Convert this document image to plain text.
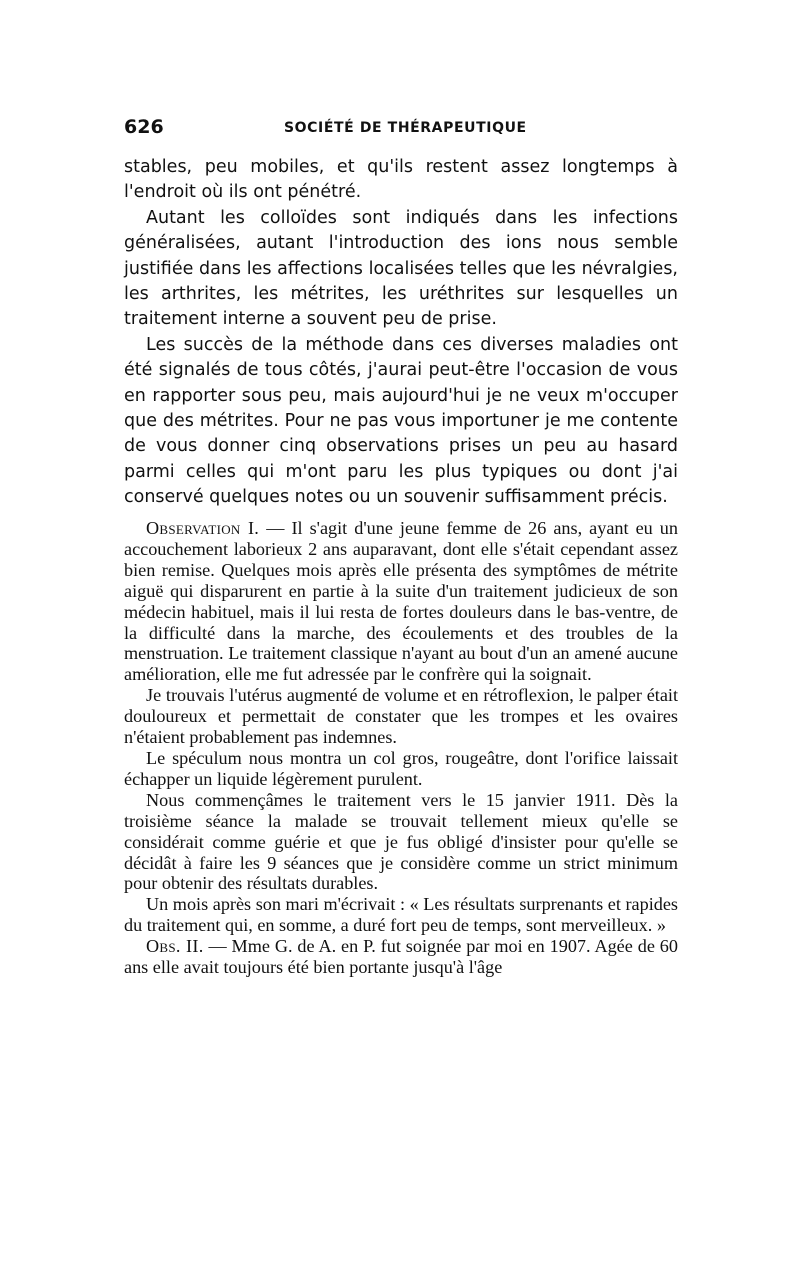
626	SOCIÉTÉ DE THÉRAPEUTIQUE

stables, peu mobiles, et qu'ils restent assez longtemps à l'endroit où ils ont pénétré.

Autant les colloïdes sont indiqués dans les infections généralisées, autant l'introduction des ions nous semble justifiée dans les affections localisées telles que les névralgies, les arthrites, les métrites, les uréthrites sur lesquelles un traitement interne a souvent peu de prise.

Les succès de la méthode dans ces diverses maladies ont été signalés de tous côtés, j'aurai peut-être l'occasion de vous en rapporter sous peu, mais aujourd'hui je ne veux m'occuper que des métrites. Pour ne pas vous importuner je me contente de vous donner cinq observations prises un peu au hasard parmi celles qui m'ont paru les plus typiques ou dont j'ai conservé quelques notes ou un souvenir suffisamment précis.

Observation I. — Il s'agit d'une jeune femme de 26 ans, ayant eu un accouchement laborieux 2 ans auparavant, dont elle s'était cependant assez bien remise. Quelques mois après elle présenta des symptômes de métrite aiguë qui disparurent en partie à la suite d'un traitement judicieux de son médecin habituel, mais il lui resta de fortes douleurs dans le bas-ventre, de la difficulté dans la marche, des écoulements et des troubles de la menstruation. Le traitement classique n'ayant au bout d'un an amené aucune amélioration, elle me fut adressée par le confrère qui la soignait.

Je trouvais l'utérus augmenté de volume et en rétroflexion, le palper était douloureux et permettait de constater que les trompes et les ovaires n'étaient probablement pas indemnes.

Le spéculum nous montra un col gros, rougeâtre, dont l'orifice laissait échapper un liquide légèrement purulent.

Nous commençâmes le traitement vers le 15 janvier 1911. Dès la troisième séance la malade se trouvait tellement mieux qu'elle se considérait comme guérie et que je fus obligé d'insister pour qu'elle se décidât à faire les 9 séances que je considère comme un strict minimum pour obtenir des résultats durables.

Un mois après son mari m'écrivait : « Les résultats surprenants et rapides du traitement qui, en somme, a duré fort peu de temps, sont merveilleux. »

Obs. II. — Mme G. de A. en P. fut soignée par moi en 1907. Agée de 60 ans elle avait toujours été bien portante jusqu'à l'âge
